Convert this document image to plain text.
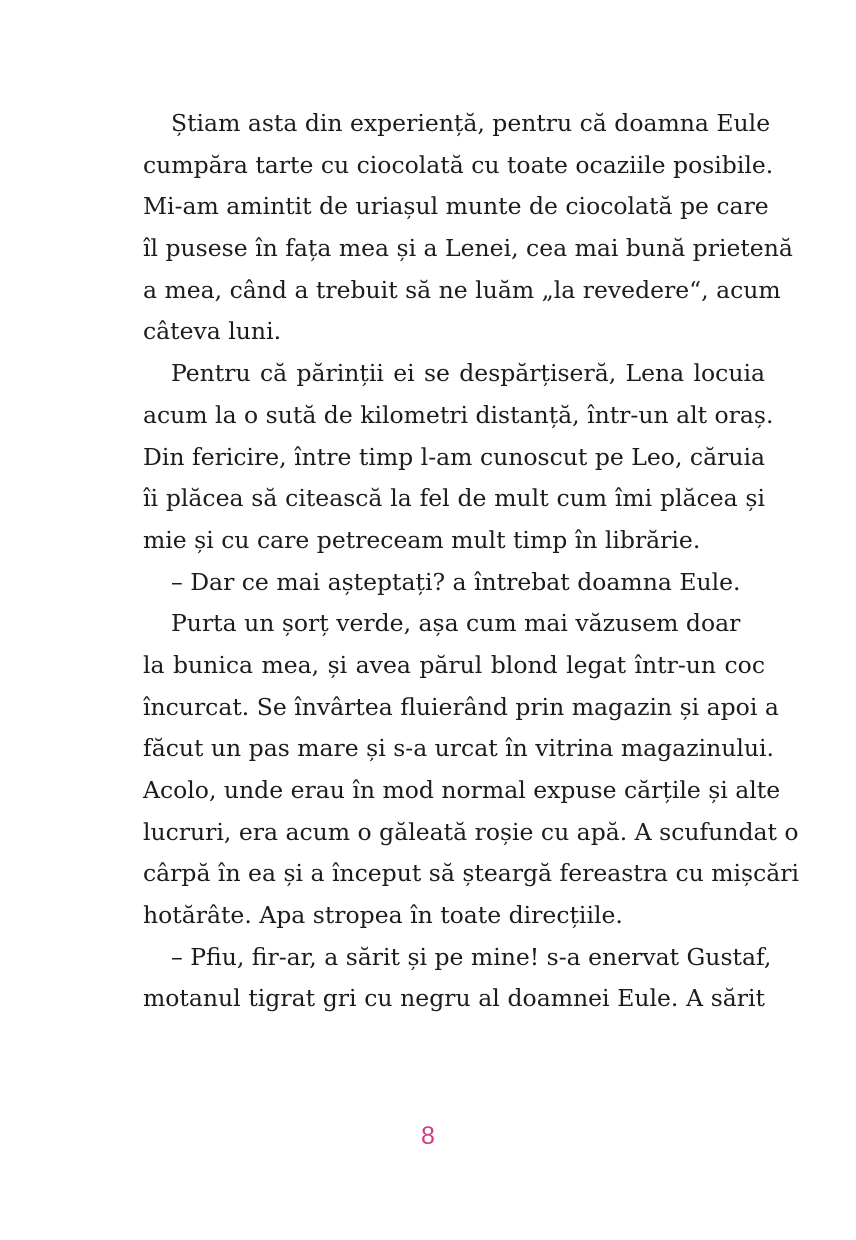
Știam asta din experiență, pentru că doamna Eule
cumpăra tarte cu ciocolată cu toate ocaziile posibile.
Mi-am amintit de uriașul munte de ciocolată pe care
îl pusese în fața mea și a Lenei, cea mai bună prietenă
a mea, când a trebuit să ne luăm „la revedere“, acum
câteva luni.
Pentru că părinții ei se despărțiseră, Lena locuia
acum la o sută de kilometri distanță, într-un alt oraș.
Din fericire, între timp l-am cunoscut pe Leo, căruia
îi plăcea să citească la fel de mult cum îmi plăcea și
mie și cu care petreceam mult timp în librărie.
– Dar ce mai așteptați? a întrebat doamna Eule.
Purta un șorț verde, așa cum mai văzusem doar
la bunica mea, și avea părul blond legat într-un coc
încurcat. Se învârtea fluierând prin magazin și apoi a
făcut un pas mare și s-a urcat în vitrina magazinului.
Acolo, unde erau în mod normal expuse cărțile și alte
lucruri, era acum o găleată roșie cu apă. A scufundat o
cârpă în ea și a început să șteargă fereastra cu mișcări
hotărâte. Apa stropea în toate direcțiile.
– Pfiu, fir-ar, a sărit și pe mine! s-a enervat Gustaf,
motanul tigrat gri cu negru al doamnei Eule. A sărit
8
